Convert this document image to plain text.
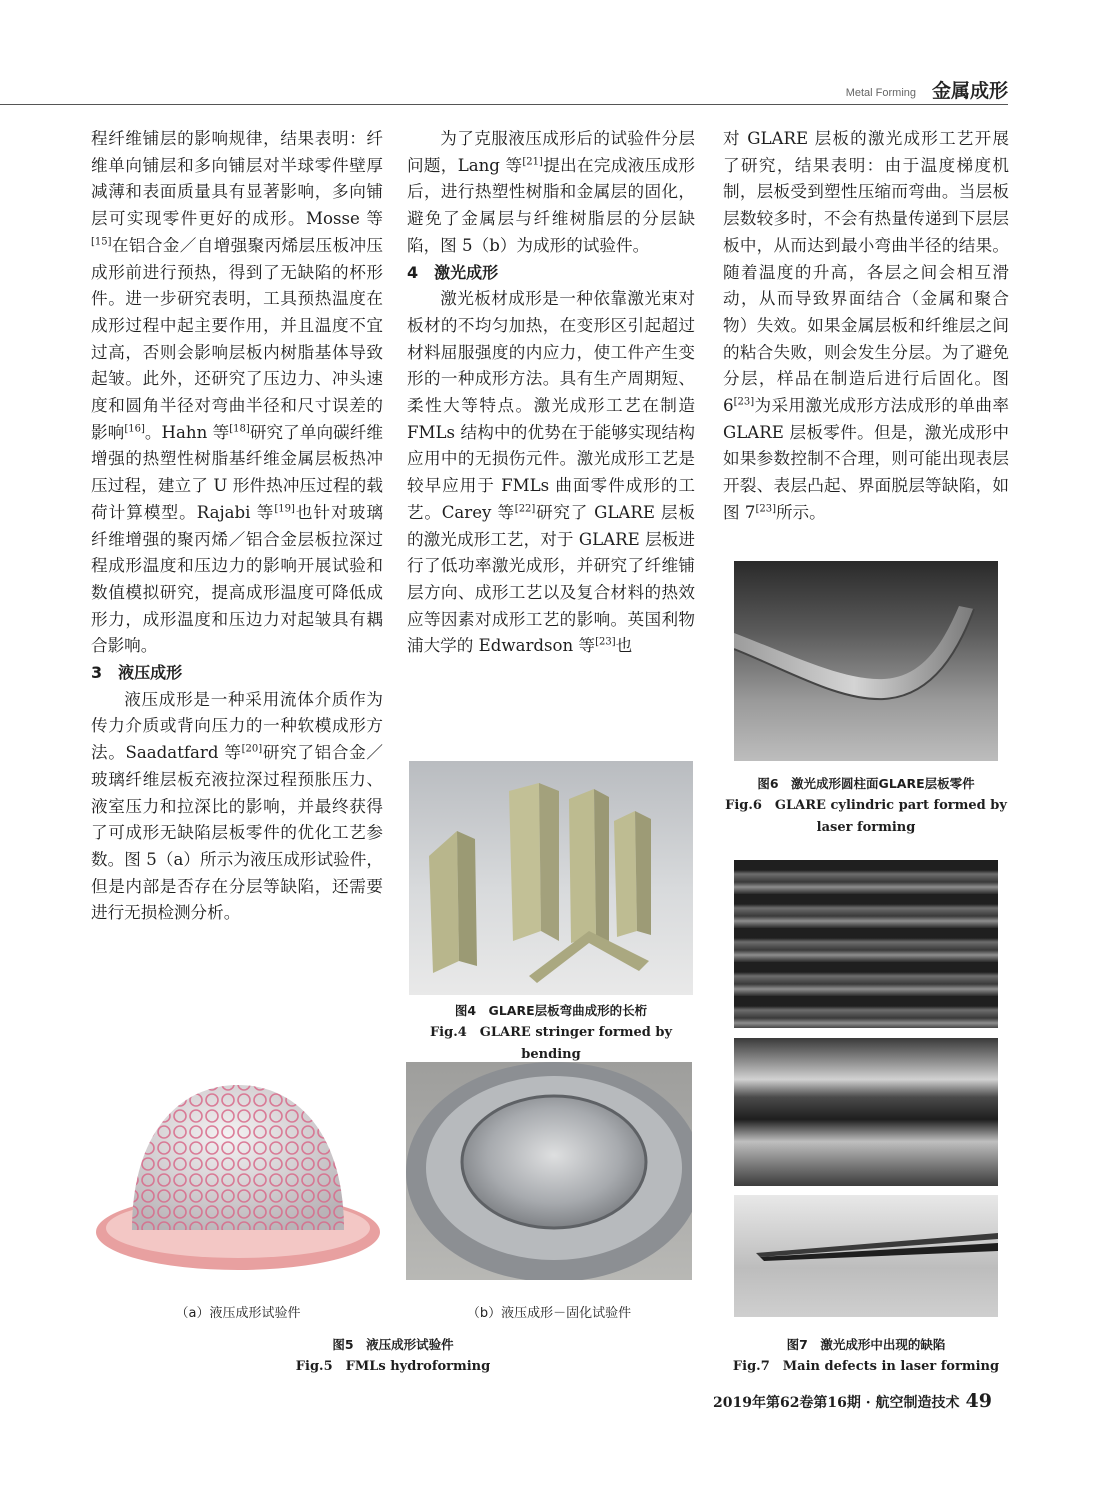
Metal Forming 金属成形

程纤维铺层的影响规律，结果表明：纤维单向铺层和多向铺层对半球零件壁厚减薄和表面质量具有显著影响，多向铺层可实现零件更好的成形。Mosse 等[15]在铝合金／自增强聚丙烯层压板冲压成形前进行预热，得到了无缺陷的杯形件。进一步研究表明，工具预热温度在成形过程中起主要作用，并且温度不宜过高，否则会影响层板内树脂基体导致起皱。此外，还研究了压边力、冲头速度和圆角半径对弯曲半径和尺寸误差的影响[16]。Hahn 等[18]研究了单向碳纤维增强的热塑性树脂基纤维金属层板热冲压过程，建立了 U 形件热冲压过程的载荷计算模型。Rajabi 等[19]也针对玻璃纤维增强的聚丙烯／铝合金层板拉深过程成形温度和压边力的影响开展试验和数值模拟研究，提高成形温度可降低成形力，成形温度和压边力对起皱具有耦合影响。

3　液压成形

液压成形是一种采用流体介质作为传力介质或背向压力的一种软模成形方法。Saadatfard 等[20]研究了铝合金／玻璃纤维层板充液拉深过程预胀压力、液室压力和拉深比的影响，并最终获得了可成形无缺陷层板零件的优化工艺参数。图 5（a）所示为液压成形试验件，但是内部是否存在分层等缺陷，还需要进行无损检测分析。

为了克服液压成形后的试验件分层问题，Lang 等[21]提出在完成液压成形后，进行热塑性树脂和金属层的固化，避免了金属层与纤维树脂层的分层缺陷，图 5（b）为成形的试验件。

4　激光成形

激光板材成形是一种依靠激光束对板材的不均匀加热，在变形区引起超过材料屈服强度的内应力，使工件产生变形的一种成形方法。具有生产周期短、柔性大等特点。激光成形工艺在制造 FMLs 结构中的优势在于能够实现结构应用中的无损伤元件。激光成形工艺是较早应用于 FMLs 曲面零件成形的工艺。Carey 等[22]研究了 GLARE 层板的激光成形工艺，对于 GLARE 层板进行了低功率激光成形，并研究了纤维铺层方向、成形工艺以及复合材料的热效应等因素对成形工艺的影响。英国利物浦大学的 Edwardson 等[23]也

对 GLARE 层板的激光成形工艺开展了研究，结果表明：由于温度梯度机制，层板受到塑性压缩而弯曲。当层板层数较多时，不会有热量传递到下层层板中，从而达到最小弯曲半径的结果。随着温度的升高，各层之间会相互滑动，从而导致界面结合（金属和聚合物）失效。如果金属层板和纤维层之间的粘合失败，则会发生分层。为了避免分层，样品在制造后进行后固化。图 6[23]为采用激光成形方法成形的单曲率 GLARE 层板零件。但是，激光成形中如果参数控制不合理，则可能出现表层开裂、表层凸起、界面脱层等缺陷，如图 7[23]所示。

图6　激光成形圆柱面GLARE层板零件
Fig.6　GLARE cylindric part formed by
laser forming
图4　GLARE层板弯曲成形的长桁
Fig.4　GLARE stringer formed by bending
（a）液压成形试验件	（b）液压成形－固化试验件
图5　液压成形试验件
Fig.5　FMLs hydroforming
图7　激光成形中出现的缺陷
Fig.7　Main defects in laser forming
2019年第62卷第16期 · 航空制造技术 49
